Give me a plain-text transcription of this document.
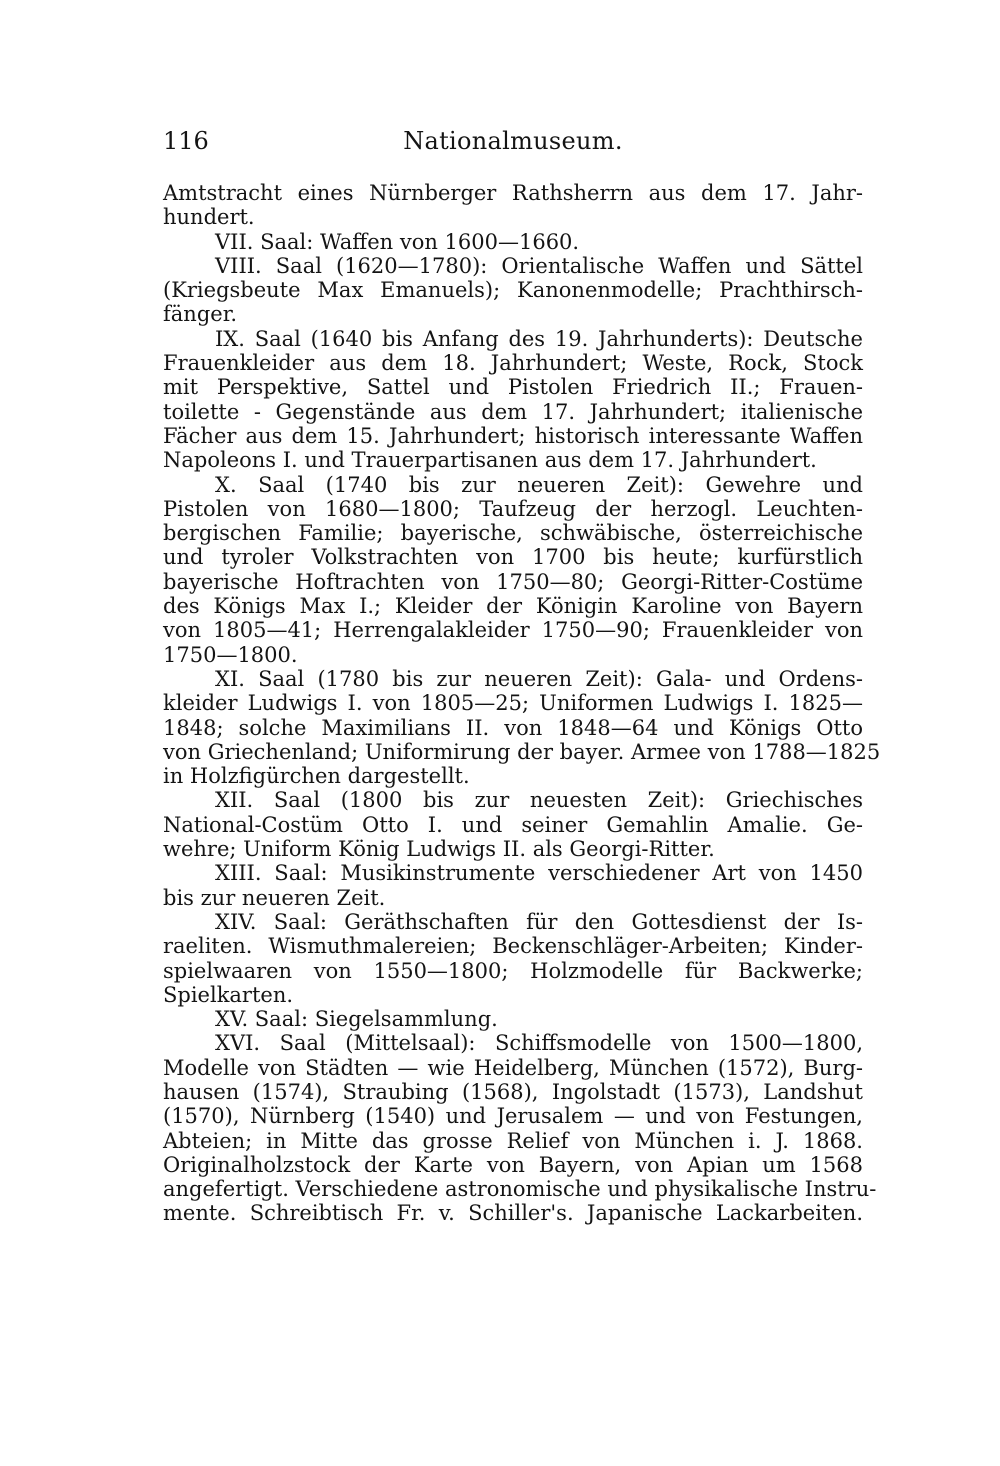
116	Nationalmuseum.
Amtstracht eines Nürnberger Rathsherrn aus dem 17. Jahr-
hundert.
VII. Saal: Waffen von 1600—1660.
VIII. Saal (1620—1780): Orientalische Waffen und Sättel
(Kriegsbeute Max Emanuels); Kanonenmodelle; Prachthirsch-
fänger.
IX. Saal (1640 bis Anfang des 19. Jahrhunderts): Deutsche
Frauenkleider aus dem 18. Jahrhundert; Weste, Rock, Stock
mit Perspektive, Sattel und Pistolen Friedrich II.; Frauen-
toilette - Gegenstände aus dem 17. Jahrhundert; italienische
Fächer aus dem 15. Jahrhundert; historisch interessante Waffen
Napoleons I. und Trauerpartisanen aus dem 17. Jahrhundert.
X. Saal (1740 bis zur neueren Zeit): Gewehre und
Pistolen von 1680—1800; Taufzeug der herzogl. Leuchten-
bergischen Familie; bayerische, schwäbische, österreichische
und tyroler Volkstrachten von 1700 bis heute; kurfürstlich
bayerische Hoftrachten von 1750—80; Georgi-Ritter-Costüme
des Königs Max I.; Kleider der Königin Karoline von Bayern
von 1805—41; Herrengalakleider 1750—90; Frauenkleider von
1750—1800.
XI. Saal (1780 bis zur neueren Zeit): Gala- und Ordens-
kleider Ludwigs I. von 1805—25; Uniformen Ludwigs I. 1825—
1848; solche Maximilians II. von 1848—64 und Königs Otto
von Griechenland; Uniformirung der bayer. Armee von 1788—1825
in Holzfigürchen dargestellt.
XII. Saal (1800 bis zur neuesten Zeit): Griechisches
National-Costüm Otto I. und seiner Gemahlin Amalie. Ge-
wehre; Uniform König Ludwigs II. als Georgi-Ritter.
XIII. Saal: Musikinstrumente verschiedener Art von 1450
bis zur neueren Zeit.
XIV. Saal: Geräthschaften für den Gottesdienst der Is-
raeliten. Wismuthmalereien; Beckenschläger-Arbeiten; Kinder-
spielwaaren von 1550—1800; Holzmodelle für Backwerke;
Spielkarten.
XV. Saal: Siegelsammlung.
XVI. Saal (Mittelsaal): Schiffsmodelle von 1500—1800,
Modelle von Städten — wie Heidelberg, München (1572), Burg-
hausen (1574), Straubing (1568), Ingolstadt (1573), Landshut
(1570), Nürnberg (1540) und Jerusalem — und von Festungen,
Abteien; in Mitte das grosse Relief von München i. J. 1868.
Originalholzstock der Karte von Bayern, von Apian um 1568
angefertigt. Verschiedene astronomische und physikalische Instru-
mente. Schreibtisch Fr. v. Schiller's. Japanische Lackarbeiten.
